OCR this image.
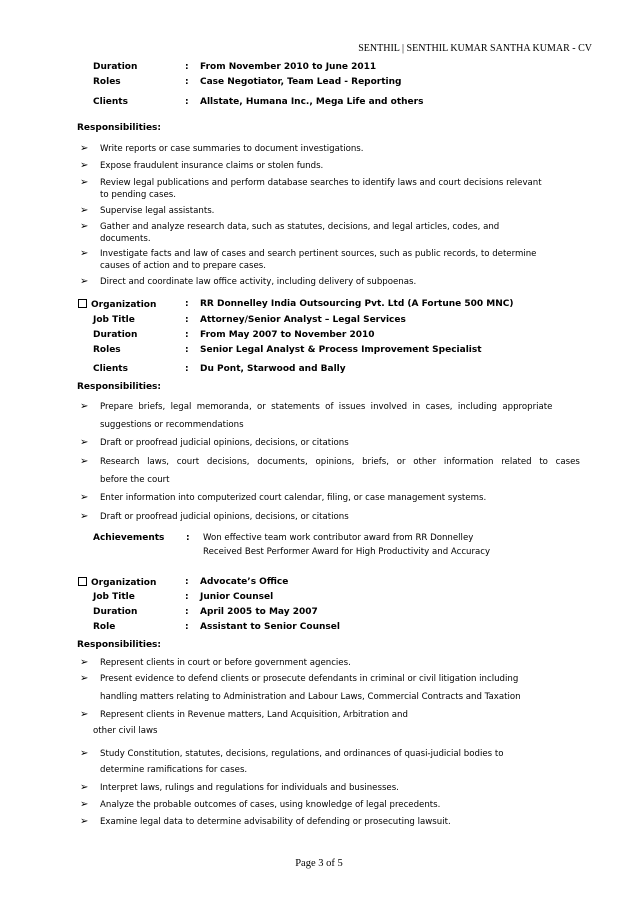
SENTHIL | SENTHIL KUMAR SANTHA KUMAR - CV
Duration	: From November 2010 to June 2011
Roles	: Case Negotiator, Team Lead - Reporting
Clients	: Allstate, Humana Inc., Mega Life and others
Responsibilities:
➢ Write reports or case summaries to document investigations.
➢ Expose fraudulent insurance claims or stolen funds.
➢ Review legal publications and perform database searches to identify laws and court decisions relevant
to pending cases.
➢ Supervise legal assistants.
➢ Gather and analyze research data, such as statutes, decisions, and legal articles, codes, and
documents.
➢ Investigate facts and law of cases and search pertinent sources, such as public records, to determine
causes of action and to prepare cases.
➢ Direct and coordinate law office activity, including delivery of subpoenas.
Organization	: RR Donnelley India Outsourcing Pvt. Ltd (A Fortune 500 MNC)
Job Title	: Attorney/Senior Analyst – Legal Services
Duration	: From May 2007 to November 2010
Roles	: Senior Legal Analyst & Process Improvement Specialist
Clients	: Du Pont, Starwood and Bally
Responsibilities:
➢ Prepare briefs, legal memoranda, or statements of issues involved in cases, including appropriate
suggestions or recommendations
➢ Draft or proofread judicial opinions, decisions, or citations
➢ Research laws, court decisions, documents, opinions, briefs, or other information related to cases
before the court
➢ Enter information into computerized court calendar, filing, or case management systems.
➢ Draft or proofread judicial opinions, decisions, or citations
Achievements : Won effective team work contributor award from RR Donnelley
Received Best Performer Award for High Productivity and Accuracy
Organization	: Advocate’s Office
Job Title	: Junior Counsel
Duration	: April 2005 to May 2007
Role	: Assistant to Senior Counsel
Responsibilities:
➢ Represent clients in court or before government agencies.
➢ Present evidence to defend clients or prosecute defendants in criminal or civil litigation including
handling matters relating to Administration and Labour Laws, Commercial Contracts and Taxation
➢ Represent clients in Revenue matters, Land Acquisition, Arbitration and
other civil laws
➢ Study Constitution, statutes, decisions, regulations, and ordinances of quasi-judicial bodies to
determine ramifications for cases.
➢ Interpret laws, rulings and regulations for individuals and businesses.
➢ Analyze the probable outcomes of cases, using knowledge of legal precedents.
➢ Examine legal data to determine advisability of defending or prosecuting lawsuit.
Page 3 of 5
